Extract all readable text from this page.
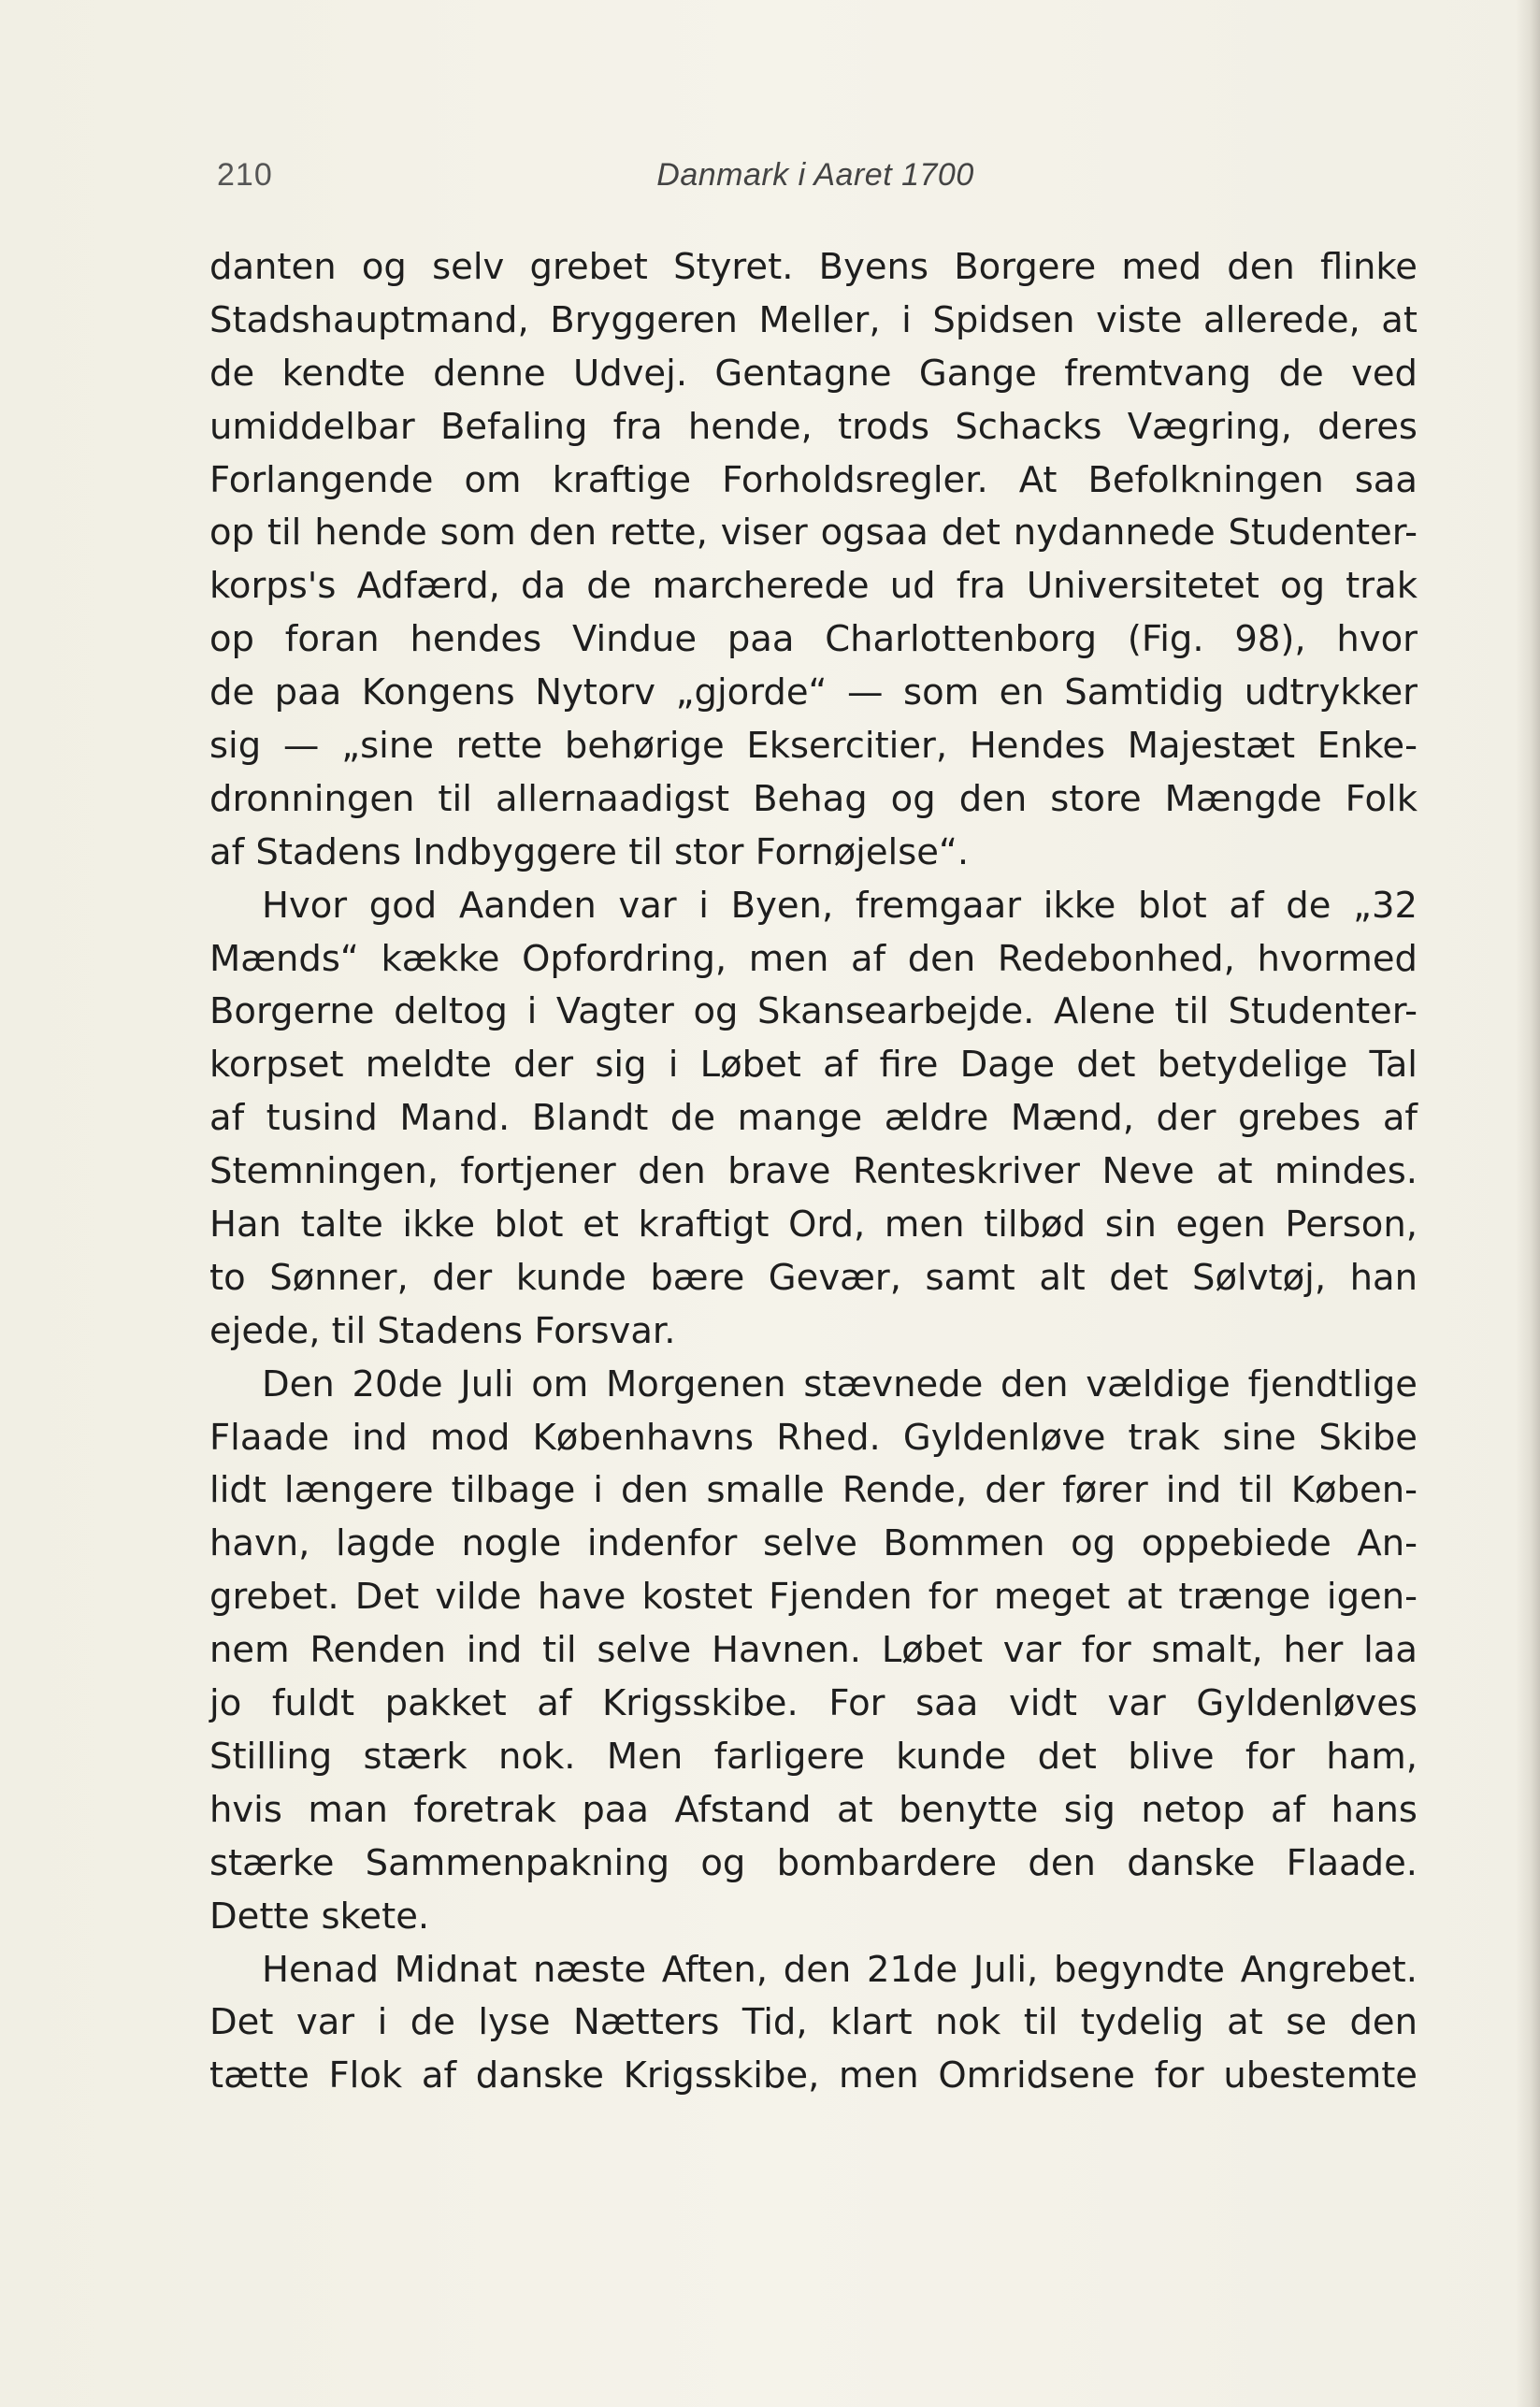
210	Danmark i Aaret 1700
danten og selv grebet Styret. Byens Borgere med den flinke
Stadshauptmand, Bryggeren Meller, i Spidsen viste allerede, at
de kendte denne Udvej. Gentagne Gange fremtvang de ved
umiddelbar Befaling fra hende, trods Schacks Vægring, deres
Forlangende om kraftige Forholdsregler. At Befolkningen saa
op til hende som den rette, viser ogsaa det nydannede Studenter-
korps's Adfærd, da de marcherede ud fra Universitetet og trak
op foran hendes Vindue paa Charlottenborg (Fig. 98), hvor
de paa Kongens Nytorv „gjorde“ — som en Samtidig udtrykker
sig — „sine rette behørige Eksercitier, Hendes Majestæt Enke-
dronningen til allernaadigst Behag og den store Mængde Folk
af Stadens Indbyggere til stor Fornøjelse“.
Hvor god Aanden var i Byen, fremgaar ikke blot af de „32
Mænds“ kække Opfordring, men af den Redebonhed, hvormed
Borgerne deltog i Vagter og Skansearbejde. Alene til Studenter-
korpset meldte der sig i Løbet af fire Dage det betydelige Tal
af tusind Mand. Blandt de mange ældre Mænd, der grebes af
Stemningen, fortjener den brave Renteskriver Neve at mindes.
Han talte ikke blot et kraftigt Ord, men tilbød sin egen Person,
to Sønner, der kunde bære Gevær, samt alt det Sølvtøj, han
ejede, til Stadens Forsvar.
Den 20de Juli om Morgenen stævnede den vældige fjendtlige
Flaade ind mod Københavns Rhed. Gyldenløve trak sine Skibe
lidt længere tilbage i den smalle Rende, der fører ind til Køben-
havn, lagde nogle indenfor selve Bommen og oppebiede An-
grebet. Det vilde have kostet Fjenden for meget at trænge igen-
nem Renden ind til selve Havnen. Løbet var for smalt, her laa
jo fuldt pakket af Krigsskibe. For saa vidt var Gyldenløves
Stilling stærk nok. Men farligere kunde det blive for ham,
hvis man foretrak paa Afstand at benytte sig netop af hans
stærke Sammenpakning og bombardere den danske Flaade.
Dette skete.
Henad Midnat næste Aften, den 21de Juli, begyndte Angrebet.
Det var i de lyse Nætters Tid, klart nok til tydelig at se den
tætte Flok af danske Krigsskibe, men Omridsene for ubestemte
